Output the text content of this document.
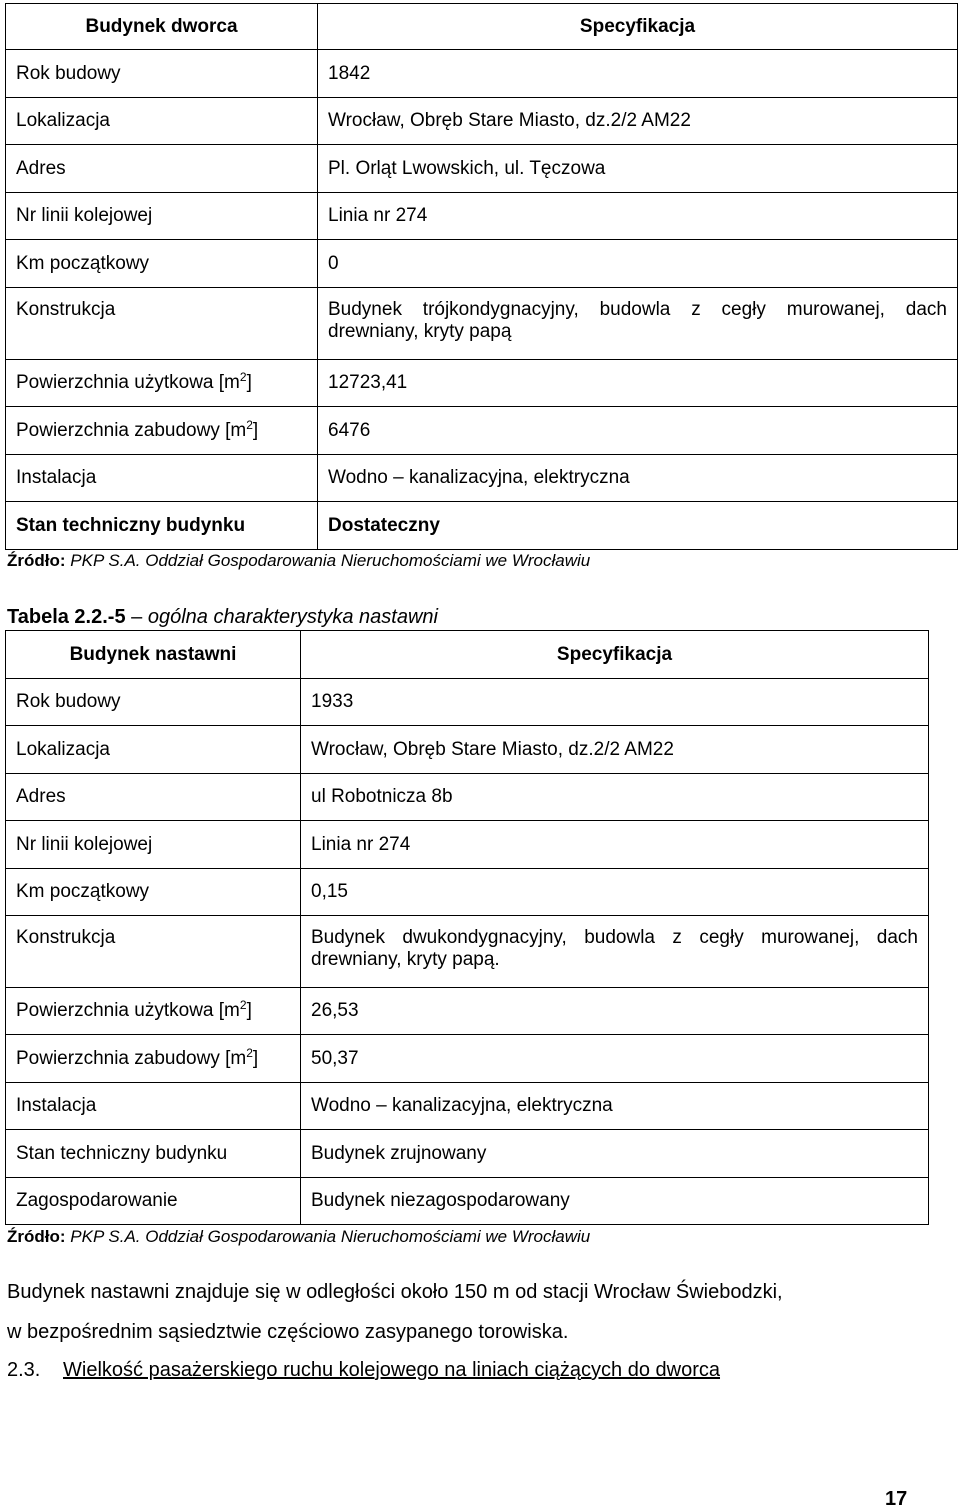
Budynek dworca	Specyfikacja
Rok budowy	1842
Lokalizacja	Wrocław, Obręb Stare Miasto, dz.2/2 AM22
Adres	Pl. Orląt Lwowskich, ul. Tęczowa
Nr linii kolejowej	Linia nr 274
Km początkowy	0
Konstrukcja	Budynek trójkondygnacyjny, budowla z cegły murowanej, dach drewniany, kryty papą
Powierzchnia użytkowa $[m^2]$	12723,41
Powierzchnia zabudowy $[m^2]$	6476
Instalacja	Wodno – kanalizacyjna, elektryczna
Stan techniczny budynku	Dostateczny
Źródło: PKP S.A. Oddział Gospodarowania Nieruchomościami we Wrocławiu
Tabela 2.2.-5 – ogólna charakterystyka nastawni
Budynek nastawni	Specyfikacja
Rok budowy	1933
Lokalizacja	Wrocław, Obręb Stare Miasto, dz.2/2 AM22
Adres	ul Robotnicza 8b
Nr linii kolejowej	Linia nr 274
Km początkowy	0,15
Konstrukcja	Budynek dwukondygnacyjny, budowla z cegły murowanej, dach drewniany, kryty papą.
Powierzchnia użytkowa $[m^2]$	26,53
Powierzchnia zabudowy $[m^2]$	50,37
Instalacja	Wodno – kanalizacyjna, elektryczna
Stan techniczny budynku	Budynek zrujnowany
Zagospodarowanie	Budynek niezagospodarowany
Źródło: PKP S.A. Oddział Gospodarowania Nieruchomościami we Wrocławiu
Budynek nastawni znajduje się w odległości około 150 m od stacji Wrocław Świebodzki,
w bezpośrednim sąsiedztwie częściowo zasypanego torowiska.
2.3. Wielkość pasażerskiego ruchu kolejowego na liniach ciążących do dworca
17
